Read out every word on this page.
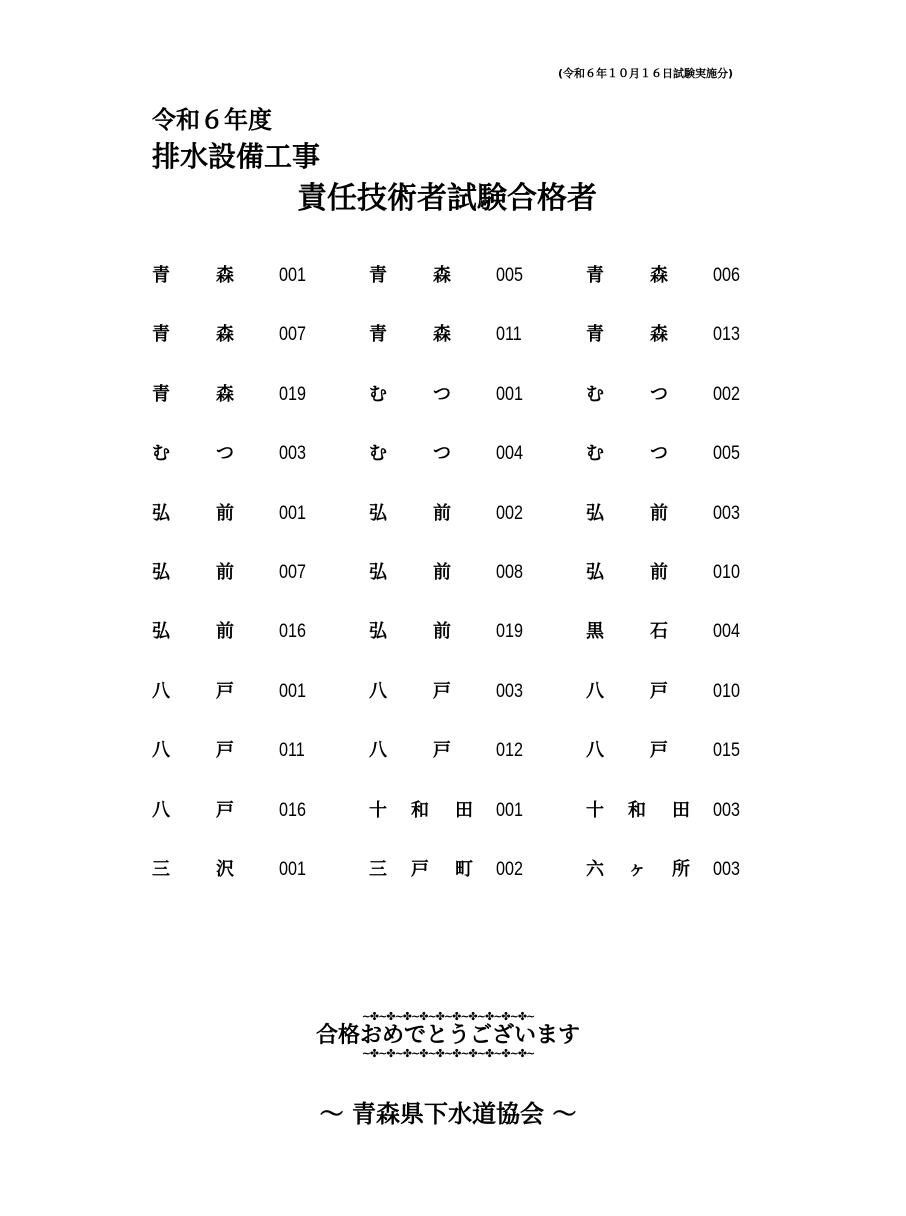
(令和６年１０月１６日試験実施分)
令和６年度
排水設備工事
責任技術者試験合格者
青	森 001	青	森 005	青	森 006
青	森 007	青	森 011	青	森 013
青	森 019	む	つ 001	む	つ 002
む	つ 003	む	つ 004	む	つ 005
弘	前 001	弘	前 002	弘	前 003
弘	前 007	弘	前 008	弘	前 010
弘	前 016	弘	前 019	黒	石 004
八	戸 001	八	戸 003	八	戸 010
八	戸 011	八	戸 012	八	戸 015
八	戸 016	十 和 田 001	十 和 田 003
三	沢 001	三 戸 町 002	六 ヶ 所 003
~✤~✤~✤~✤~✤~✤~✤~✤~✤~✤~
合格おめでとうございます
~✤~✤~✤~✤~✤~✤~✤~✤~✤~✤~
～ 青森県下水道協会 ～
